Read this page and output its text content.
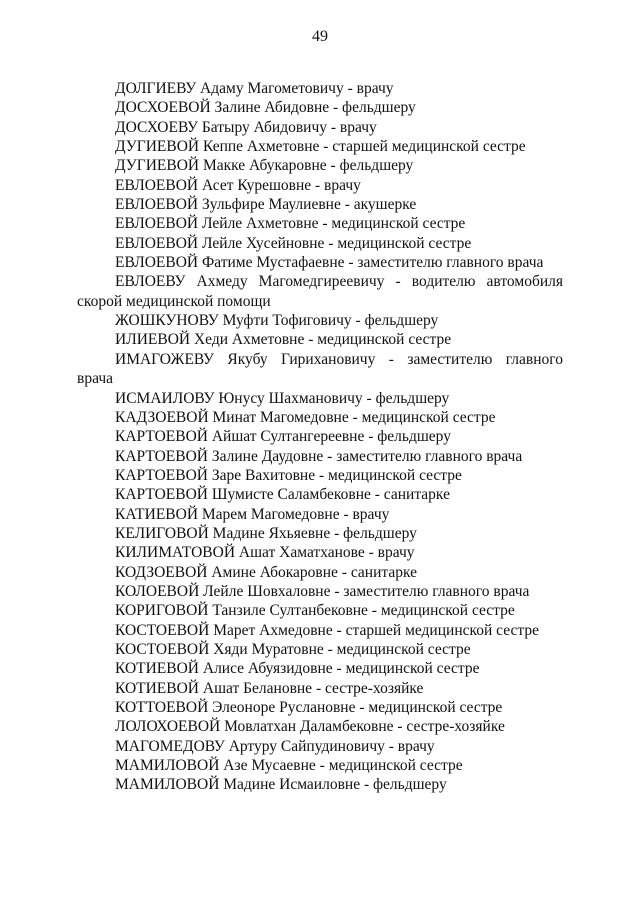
49
ДОЛГИЕВУ Адаму Магометовичу - врачу
ДОСХОЕВОЙ Залине Абидовне - фельдшеру
ДОСХОЕВУ Батыру Абидовичу - врачу
ДУГИЕВОЙ Кеппе Ахметовне - старшей медицинской сестре
ДУГИЕВОЙ Макке Абукаровне - фельдшеру
ЕВЛОЕВОЙ Асет Курешовне - врачу
ЕВЛОЕВОЙ Зульфире Маулиевне - акушерке
ЕВЛОЕВОЙ Лейле Ахметовне - медицинской сестре
ЕВЛОЕВОЙ Лейле Хусейновне - медицинской сестре
ЕВЛОЕВОЙ Фатиме Мустафаевне - заместителю главного врача
ЕВЛОЕВУ Ахмеду Магомедгиреевичу - водителю автомобиля
скорой медицинской помощи
ЖОШКУНОВУ Муфти Тофиговичу - фельдшеру
ИЛИЕВОЙ Хеди Ахметовне - медицинской сестре
ИМАГОЖЕВУ Якубу Гирихановичу - заместителю главного
врача
ИСМАИЛОВУ Юнусу Шахмановичу - фельдшеру
КАДЗОЕВОЙ Минат Магомедовне - медицинской сестре
КАРТОЕВОЙ Айшат Султангереевне - фельдшеру
КАРТОЕВОЙ Залине Даудовне - заместителю главного врача
КАРТОЕВОЙ Заре Вахитовне - медицинской сестре
КАРТОЕВОЙ Шумисте Саламбековне - санитарке
КАТИЕВОЙ Марем Магомедовне - врачу
КЕЛИГОВОЙ Мадине Яхьяевне - фельдшеру
КИЛИМАТОВОЙ Ашат Хаматханове - врачу
КОДЗОЕВОЙ Амине Абокаровне - санитарке
КОЛОЕВОЙ Лейле Шовхаловне - заместителю главного врача
КОРИГОВОЙ Танзиле Султанбековне - медицинской сестре
КОСТОЕВОЙ Марет Ахмедовне - старшей медицинской сестре
КОСТОЕВОЙ Хяди Муратовне - медицинской сестре
КОТИЕВОЙ Алисе Абуязидовне - медицинской сестре
КОТИЕВОЙ Ашат Белановне - сестре-хозяйке
КОТТОЕВОЙ Элеоноре Руслановне - медицинской сестре
ЛОЛОХОЕВОЙ Мовлатхан Даламбековне - сестре-хозяйке
МАГОМЕДОВУ Артуру Сайпудиновичу - врачу
МАМИЛОВОЙ Азе Мусаевне - медицинской сестре
МАМИЛОВОЙ Мадине Исмаиловне - фельдшеру
